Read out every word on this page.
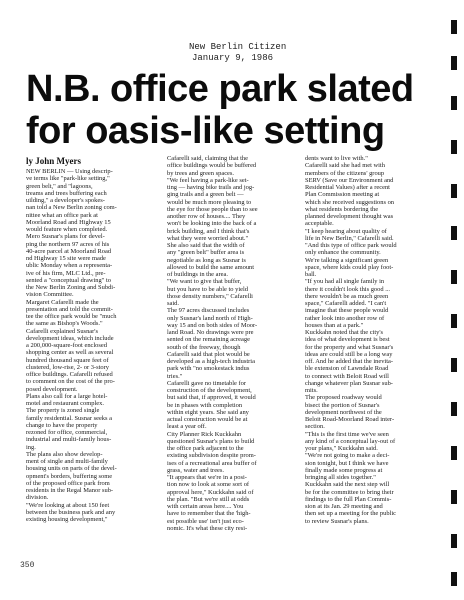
New Berlin Citizen
January 9, 1986
N.B. office park slated
for oasis-like setting
ly John Myers

NEW BERLIN — Using descrip-

ve terms like "park-like setting,"

green belt," and "lagoons,

treams and trees buffering each

uilding," a developer's spokes-

nan told a New Berlin zoning com-

nittee what an office park at

Moorland Road and Highway 15

would feature when completed.

Mero Susnar's plans for devel-

ping the northern 97 acres of his

40-acre parcel at Moorland Road

nd Highway 15 site were made

ublic Monday when a representa-

ive of his firm, MLC Ltd., pre-

sented a "conceptual drawing" to

the New Berlin Zoning and Subdi-

vision Committee.

Margaret Cafarelli made the

presentation and told the commit-

tee the office park would be "much

the same as Bishop's Woods."

Cafarelli explained Susnar's

development ideas, which include

a 200,000-square-foot enclosed

shopping center as well as several

hundred thousand square feet of

clustered, low-rise, 2- or 3-story

office buildings. Cafarelli refused

to comment on the cost of the pro-

posed development.

Plans also call for a large hotel-

motel and restaurant complex.

The property is zoned single

family residential. Susnar seeks a

change to have the property

rezoned for office, commercial,

industrial and multi-family hous-

ing.

The plans also show develop-

ment of single and multi-family

housing units on parts of the devel-

opment's borders, buffering some

of the proposed office park from

residents in the Regal Manor sub-

division.

"We're looking at about 150 feet

between the business park and any

existing housing development,"

Cafarelli said, claiming that the

office buildings would be buffered

by trees and green spaces.

"We feel having a park-like set-

ting — having bike trails and jog-

ging trails and a green belt —

would be much more pleasing to

the eye for those people than to see

another row of houses.... They

won't be looking into the back of a

brick building, and I think that's

what they were worried about."

She also said that the width of

any "green belt" buffer area is

negotiable as long as Susnar is

allowed to build the same amount

of buildings in the area.

"We want to give that buffer,

but you have to be able to yield

those density numbers," Cafarelli

said.

The 97 acres discussed includes

only Susnar's land north of High-

way 15 and on both sides of Moor-

land Road. No drawings were pre

sented on the remaining acreage

south of the freeway, though

Cafarelli said that plot would be

developed as a high-tech industria

park with "no smokestack indus

tries."

Cafarelli gave no timetable for

construction of the development,

but said that, if approved, it would

be in phases with completion

within eight years. She said any

actual construction would be at

least a year off.

City Planner Rick Kuckkahn

questioned Susnar's plans to build

the office park adjacent to the

existing subdivision despite prom-

ises of a recreational area buffer of

grass, water and trees.

"It appears that we're in a posi-

tion now to look at some sort of

approval here," Kuckkahn said of

the plan. "But we're still at odds

with certain areas here.... You

have to remember that the 'high-

est possible use' isn't just eco-

nomic. It's what these city resi-

dents want to live with."

Cafarelli said she had met with

members of the citizens' group

SERV (Save our Environment and

Residential Values) after a recent

Plan Commission meeting at

which she received suggestions on

what residents bordering the

planned development thought was

acceptable.

"I keep hearing about quality of

life in New Berlin," Cafarelli said.

"And this type of office park would

only enhance the community.

We're talking a significant green

space, where kids could play foot-

ball.

"If you had all single family in

there it couldn't look this good ...

there wouldn't be as much green

space," Cafarelli added. "I can't

imagine that these people would

rather look into another row of

houses than at a park."

Kuckkahn noted that the city's

idea of what development is best

for the property and what Susnar's

ideas are could still be a long way

off. And he added that the inevita-

ble extension of Lawndale Road

to connect with Beloit Road will

change whatever plan Susnar sub-

mits.

The proposed roadway would

bisect the portion of Susnar's

development northwest of the

Beloit Road-Moorland Road inter-

section.

"This is the first time we've seen

any kind of a conceptual lay-out of

your plans," Kuckkahn said.

"We're not going to make a deci-

sion tonight, but I think we have

finally made some progress at

bringing all sides together."

Kuckkahn said the next step will

be for the committee to bring their

findings to the full Plan Commis-

sion at its Jan. 29 meeting and

then set up a meeting for the public

to review Susnar's plans.

350
